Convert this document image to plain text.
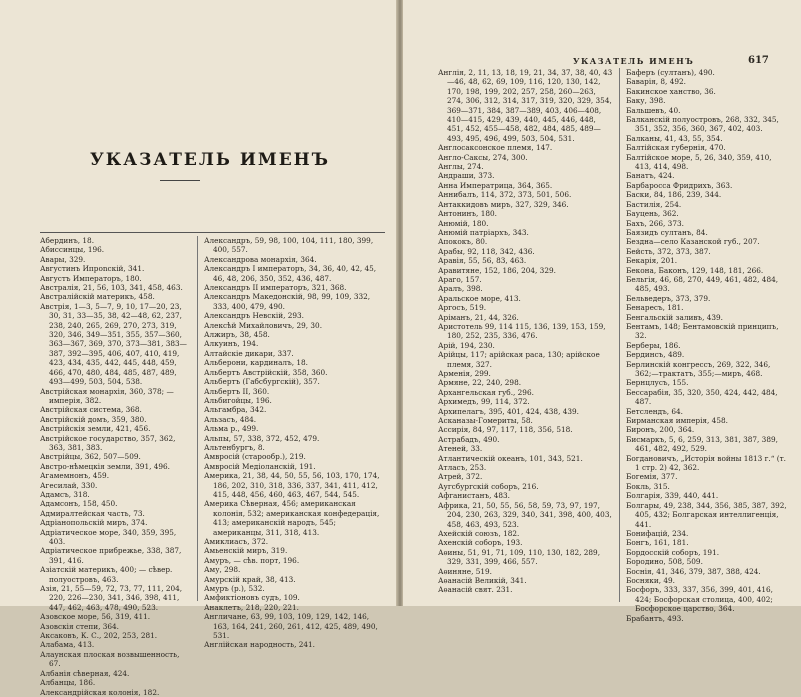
УКАЗАТЕЛЬ ИМЕНЪ
Абердинъ, 18.
Абиссинцы, 196.
Авары, 329.
Августинъ Ипponскій, 341.
Августъ Императоръ, 180.
Австралія, 21, 56, 103, 341, 458, 463.
Австралійскій материкъ, 458.
Австрія, 1—3, 5—7, 9, 10, 17—20, 23, 30, 31, 33—35, 38, 42—48, 62, 237, 238, 240, 265, 269, 270, 273, 319, 320, 346, 349—351, 355, 357—360, 363—367, 369, 370, 373—381, 383—387, 392—395, 406, 407, 410, 419, 423, 434, 435, 442, 445, 448, 459, 466, 470, 480, 484, 485, 487, 489, 493—499, 503, 504, 538.
Австрійская монархія, 360, 378; —имперія, 382.
Австрійская система, 368.
Австрійскій домъ, 359, 380.
Австрійскія земли, 421, 456.
Австрійское государство, 357, 362, 363, 381, 383.
Австрійцы, 362, 507—509.
Австро-нѣмецкія земли, 391, 496.
Агамемнонъ, 459.
Агесилай, 330.
Адамсъ, 318.
Адамсонъ, 158, 450.
Адмиралтейская часть, 73.
Адріанопольскій миръ, 374.
Адріатическое море, 340, 359, 395, 403.
Адріатическое прибрежье, 338, 387, 391, 416.
Азіатскій материкъ, 400; — сѣвер. полуостровъ, 463.
Азія, 21, 55—59, 72, 73, 77, 111, 204, 220, 226—230, 341, 346, 398, 411, 447, 462, 463, 478, 490, 523.
Азовское море, 56, 319, 411.
Азовскія степи, 364.
Аксаковъ, К. С., 202, 253, 281.
Алабама, 413.
Алаунская плоская возвышенность, 67.
Албанія сѣверная, 424.
Албанцы, 186.
Александрійская колонія, 182.
Александръ, 59, 98, 100, 104, 111, 180, 399, 400, 557.
Александрова монархія, 364.
Александръ I императоръ, 34, 36, 40, 42, 45, 46, 48, 206, 350, 352, 436, 487.
Александръ II императоръ, 321, 368.
Александръ Македонскій, 98, 99, 109, 332, 333, 400, 479, 490.
Александръ Невскій, 293.
Алексѣй Михайловичъ, 29, 30.
Алжиръ, 38, 458.
Алкуинъ, 194.
Алтайскіе дикари, 337.
Альберони, кардиналъ, 18.
Альбертъ Австрійскій, 358, 360.
Альбертъ (Габсбургскій), 357.
Альбертъ II, 360.
Альбигойцы, 196.
Альгамбра, 342.
Альзасъ, 484.
Альма р., 499.
Альпы, 57, 338, 372, 452, 479.
Альтенбургъ, 8.
Амвросій (старообр.), 219.
Амвросій Медіоланскій, 191.
Америка, 21, 38, 44, 50, 55, 56, 103, 170, 174, 186, 202, 310, 318, 336, 337, 341, 411, 412, 415, 448, 456, 460, 463, 467, 544, 545.
Америка Сѣверная, 456; американская колонія, 532; американская конфедерація, 413; американскій народъ, 545; американцы, 311, 318, 413.
Амиклиасъ, 372.
Амьенскій миръ, 319.
Амуръ, — сѣв. порт, 196.
Аму, 298.
Амурскій край, 38, 413.
Амуръ (р.), 532.
Амфиктіоновъ судъ, 109.
Анаклетъ, 218, 220, 221.
Англичане, 63, 99, 103, 109, 129, 142, 146, 163, 164, 241, 260, 261, 412, 425, 489, 490, 531.
Англійская народность, 241.
УКАЗАТЕЛЬ ИМЕНЪ	617
Англія, 2, 11, 13, 18, 19, 21, 34, 37, 38, 40, 43—46, 48, 62, 69, 109, 116, 120, 130, 142, 170, 198, 199, 202, 257, 258, 260—263, 274, 306, 312, 314, 317, 319, 320, 329, 354, 369—371, 384, 387—389, 403, 406—408, 410—415, 429, 439, 440, 445, 446, 448, 451, 452, 455—458, 482, 484, 485, 489—493, 495, 496, 499, 503, 504, 531.
Англосаксонское племя, 147.
Англо-Саксы, 274, 300.
Англы, 274.
Андраши, 373.
Анна Императрица, 364, 365.
Аннибалъ, 114, 372, 373, 501, 506.
Антаккидовъ миръ, 327, 329, 346.
Антонинъ, 180.
Анюмій, 180.
Анюмій патріархъ, 343.
Апококъ, 80.
Арабы, 92, 118, 342, 436.
Аравія, 55, 56, 83, 463.
Аравитяне, 152, 186, 204, 329.
Араго, 157.
Аралъ, 398.
Аральское море, 413.
Аргосъ, 519.
Аріманъ, 21, 44, 326.
Аристотель 99, 114 115, 136, 139, 153, 159, 180, 252, 235, 336, 476.
Арій, 194, 230.
Арійцы, 117; арійская раса, 130; арійское племя, 327.
Арменія, 299.
Армяне, 22, 240, 298.
Архангельская губ., 296.
Архимедъ, 99, 114, 372.
Архипелагъ, 395, 401, 424, 438, 439.
Асканазы-Гомериты, 58.
Ассирія, 84, 97, 117, 118, 356, 518.
Астрабадъ, 490.
Атеней, 33.
Атлантическій океанъ, 101, 343, 521.
Атласъ, 253.
Атрей, 372.
Аугсбургскій соборъ, 216.
Афганистанъ, 483.
Африка, 21, 50, 55, 56, 58, 59, 73, 97, 197, 204, 230, 263, 329, 340, 341, 398, 400, 403, 458, 463, 493, 523.
Ахейскій союзъ, 182.
Ахенскій соборъ, 193.
Аѳины, 51, 91, 71, 109, 110, 130, 182, 289, 329, 331, 399, 466, 557.
Аѳиняне, 519.
Аѳанасій Великій, 341.
Аѳанасій свят. 231.
Баферъ (султанъ), 490.
Баварія, 8, 492.
Бакинское ханство, 36.
Баку, 398.
Бальшевъ, 40.
Балканскій полуостровъ, 268, 332, 345, 351, 352, 356, 360, 367, 402, 403.
Балканы, 41, 43, 55, 354.
Балтійская губернія, 470.
Балтійское море, 5, 26, 340, 359, 410, 413, 414, 498.
Банатъ, 424.
Барбаросса Фридрихъ, 363.
Баски, 84, 186, 239, 344.
Бастилія, 254.
Бауцень, 362.
Бахъ, 266, 373.
Баязидъ султанъ, 84.
Бездна—село Казанской губ., 207.
Бейсть, 372, 373, 387.
Бекарія, 201.
Бекона, Баконъ, 129, 148, 181, 266.
Бельгія, 46, 68, 270, 449, 461, 482, 484, 485, 493.
Бельведеръ, 373, 379.
Бенаресъ, 181.
Бенгальскій заливъ, 439.
Бентамъ, 148; Бентамовскій принципъ, 32.
Берберы, 186.
Бердинсъ, 489.
Берлинскій конгрессъ, 269, 322, 346, 362;—трактатъ, 355;—миръ, 468.
Бернцлусъ, 155.
Бессарабія, 35, 320, 350, 424, 442, 484, 487.
Бетслендъ, 64.
Бирманская имперія, 458.
Биронъ, 200, 364.
Бисмаркъ, 5, 6, 259, 313, 381, 387, 389, 461, 482, 492, 529.
Богдановичъ, „Исторія войны 1813 г.“ (т. 1 стр. 2) 42, 362.
Богемія, 377.
Бокль, 315.
Болгарія, 339, 440, 441.
Болгары, 49, 238, 344, 356, 385, 387, 392, 405, 432; Болгарская интеллигенція, 441.
Бонифацій, 234.
Бонгъ, 161, 181.
Бордосскій соборъ, 191.
Бородино, 508, 509.
Боснія, 41, 346, 379, 387, 388, 424.
Босняки, 49.
Босфоръ, 333, 337, 356, 399, 401, 416, 424; Босфорская столица, 400, 402; Босфорское царство, 364.
Брабантъ, 493.
